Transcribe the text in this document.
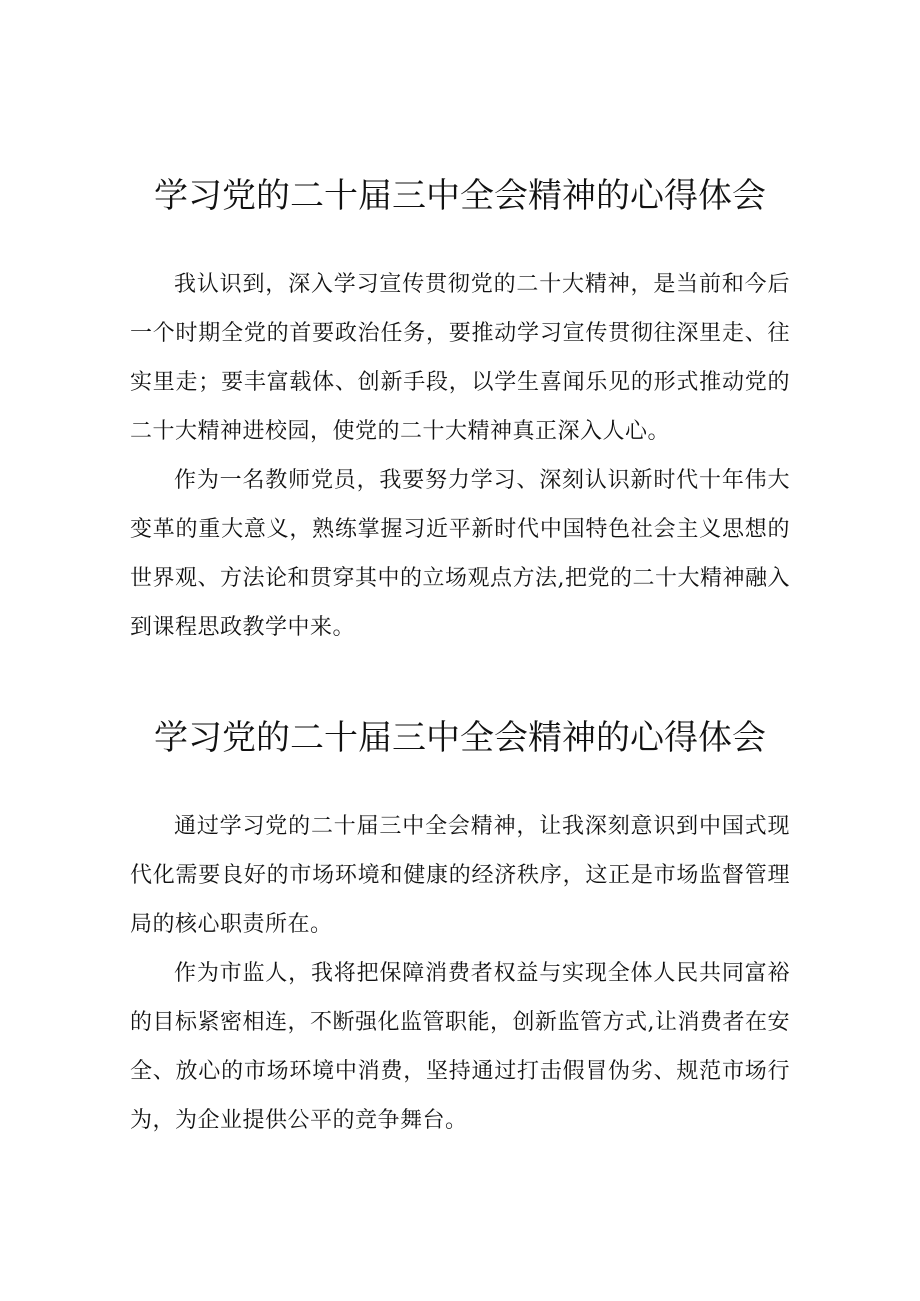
学习党的二十届三中全会精神的心得体会

我认识到，深入学习宣传贯彻党的二十大精神，是当前和今后一个时期全党的首要政治任务，要推动学习宣传贯彻往深里走、往实里走；要丰富载体、创新手段，以学生喜闻乐见的形式推动党的二十大精神进校园，使党的二十大精神真正深入人心。

作为一名教师党员，我要努力学习、深刻认识新时代十年伟大变革的重大意义，熟练掌握习近平新时代中国特色社会主义思想的世界观、方法论和贯穿其中的立场观点方法,把党的二十大精神融入到课程思政教学中来。

学习党的二十届三中全会精神的心得体会

通过学习党的二十届三中全会精神，让我深刻意识到中国式现代化需要良好的市场环境和健康的经济秩序，这正是市场监督管理局的核心职责所在。

作为市监人，我将把保障消费者权益与实现全体人民共同富裕的目标紧密相连，不断强化监管职能，创新监管方式,让消费者在安全、放心的市场环境中消费，坚持通过打击假冒伪劣、规范市场行为，为企业提供公平的竞争舞台。
